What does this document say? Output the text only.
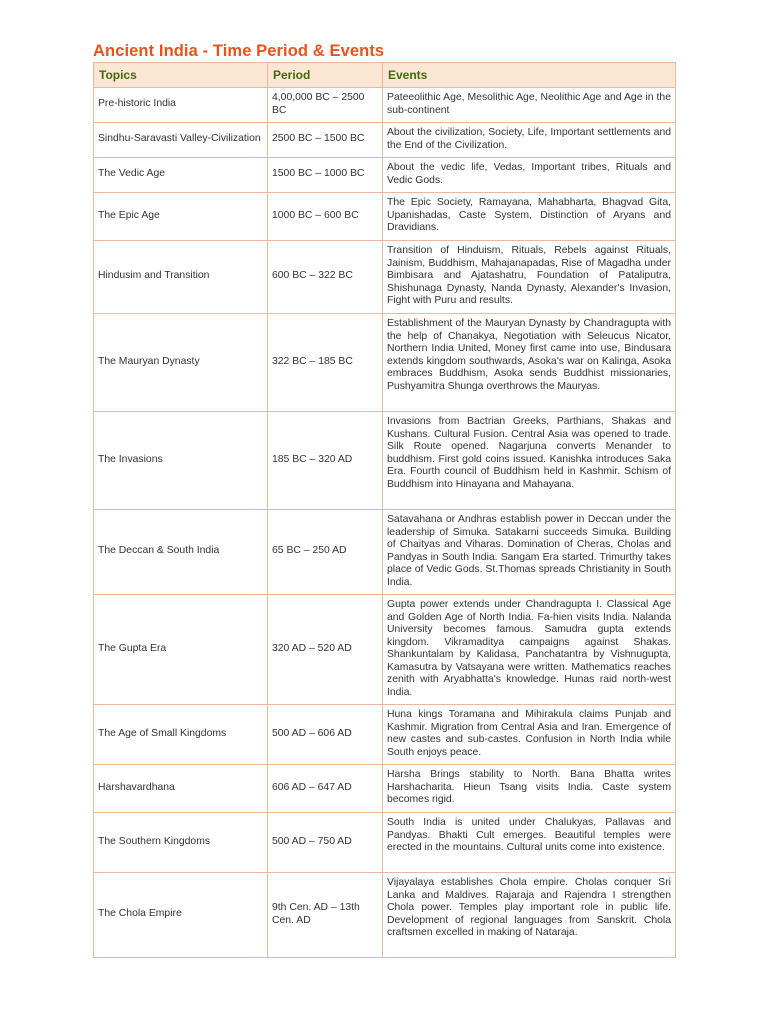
Ancient India - Time Period & Events
Topics	Period	Events
Pre-historic India	4,00,000 BC – 2500 BC	Pateeolithic Age, Mesolithic Age, Neolithic Age and Age in the sub-continent
Sindhu-Saravasti Valley-Civilization	2500 BC – 1500 BC	About the civilization, Society, Life, Important settlements and the End of the Civilization.
The Vedic Age	1500 BC – 1000 BC	About the vedic life, Vedas, Important tribes, Rituals and Vedic Gods.
The Epic Age	1000 BC – 600 BC	The Epic Society, Ramayana, Mahabharta, Bhagvad Gita, Upanishadas, Caste System, Distinction of Aryans and Dravidians.
Hindusim and Transition	600 BC – 322 BC	Transition of Hinduism, Rituals, Rebels against Rituals, Jainism, Buddhism, Mahajanapadas, Rise of Magadha under Bimbisara and Ajatashatru, Foundation of Pataliputra, Shishunaga Dynasty, Nanda Dynasty, Alexander's Invasion, Fight with Puru and results.
The Mauryan Dynasty	322 BC – 185 BC	Establishment of the Mauryan Dynasty by Chandragupta with the help of Chanakya, Negotiation with Seleucus Nicator, Northern India United, Money first came into use, Bindusara extends kingdom southwards, Asoka's war on Kalinga, Asoka embraces Buddhism, Asoka sends Buddhist missionaries, Pushyamitra Shunga overthrows the Mauryas.
The Invasions	185 BC – 320 AD	Invasions from Bactrian Greeks, Parthians, Shakas and Kushans. Cultural Fusion. Central Asia was opened to trade. Silk Route opened. Nagarjuna converts Menander to buddhism. First gold coins issued. Kanishka introduces Saka Era. Fourth council of Buddhism held in Kashmir. Schism of Buddhism into Hinayana and Mahayana.
The Deccan & South India	65 BC – 250 AD	Satavahana or Andhras establish power in Deccan under the leadership of Simuka. Satakarni succeeds Simuka. Building of Chaityas and Viharas. Domination of Cheras, Cholas and Pandyas in South India. Sangam Era started. Trimurthy takes place of Vedic Gods. St.Thomas spreads Christianity in South India.
The Gupta Era	320 AD – 520 AD	Gupta power extends under Chandragupta I. Classical Age and Golden Age of North India. Fa-hien visits India. Nalanda University becomes famous. Samudra gupta extends kingdom. Vikramaditya campaigns against Shakas. Shankuntalam by Kalidasa, Panchatantra by Vishnugupta, Kamasutra by Vatsayana were written. Mathematics reaches zenith with Aryabhatta's knowledge. Hunas raid north-west India.
The Age of Small Kingdoms	500 AD – 606 AD	Huna kings Toramana and Mihirakula claims Punjab and Kashmir. Migration from Central Asia and Iran. Emergence of new castes and sub-castes. Confusion in North India while South enjoys peace.
Harshavardhana	606 AD – 647 AD	Harsha Brings stability to North. Bana Bhatta writes Harshacharita. Hieun Tsang visits India. Caste system becomes rigid.
The Southern Kingdoms	500 AD – 750 AD	South India is united under Chalukyas, Pallavas and Pandyas. Bhakti Cult emerges. Beautiful temples were erected in the mountains. Cultural units come into existence.
The Chola Empire	9th Cen. AD – 13th Cen. AD	Vijayalaya establishes Chola empire. Cholas conquer Sri Lanka and Maldives. Rajaraja and Rajendra I strengthen Chola power. Temples play important role in public life. Development of regional languages from Sanskrit. Chola craftsmen excelled in making of Nataraja.
